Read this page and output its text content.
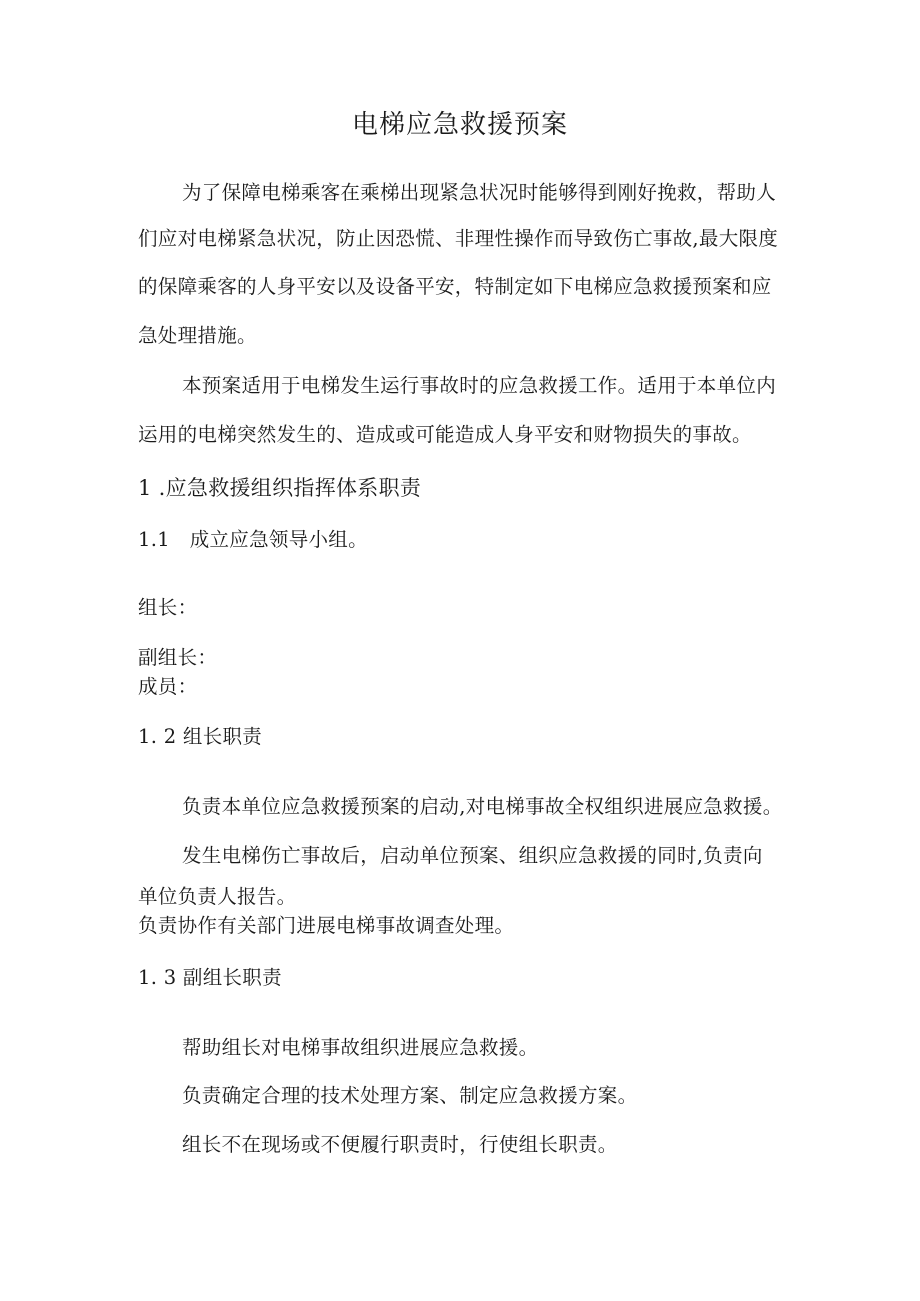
电梯应急救援预案
为了保障电梯乘客在乘梯出现紧急状况时能够得到刚好挽救，帮助人
们应对电梯紧急状况，防止因恐慌、非理性操作而导致伤亡事故,最大限度
的保障乘客的人身平安以及设备平安，特制定如下电梯应急救援预案和应
急处理措施。
本预案适用于电梯发生运行事故时的应急救援工作。适用于本单位内
运用的电梯突然发生的、造成或可能造成人身平安和财物损失的事故。
1 .应急救援组织指挥体系职责
1.1　成立应急领导小组。
组长：
副组长：
成员：
1. 2 组长职责
负责本单位应急救援预案的启动,对电梯事故全权组织进展应急救援。
发生电梯伤亡事故后，启动单位预案、组织应急救援的同时,负责向
单位负责人报告。
负责协作有关部门进展电梯事故调查处理。
1. 3 副组长职责
帮助组长对电梯事故组织进展应急救援。
负责确定合理的技术处理方案、制定应急救援方案。
组长不在现场或不便履行职责时，行使组长职责。
